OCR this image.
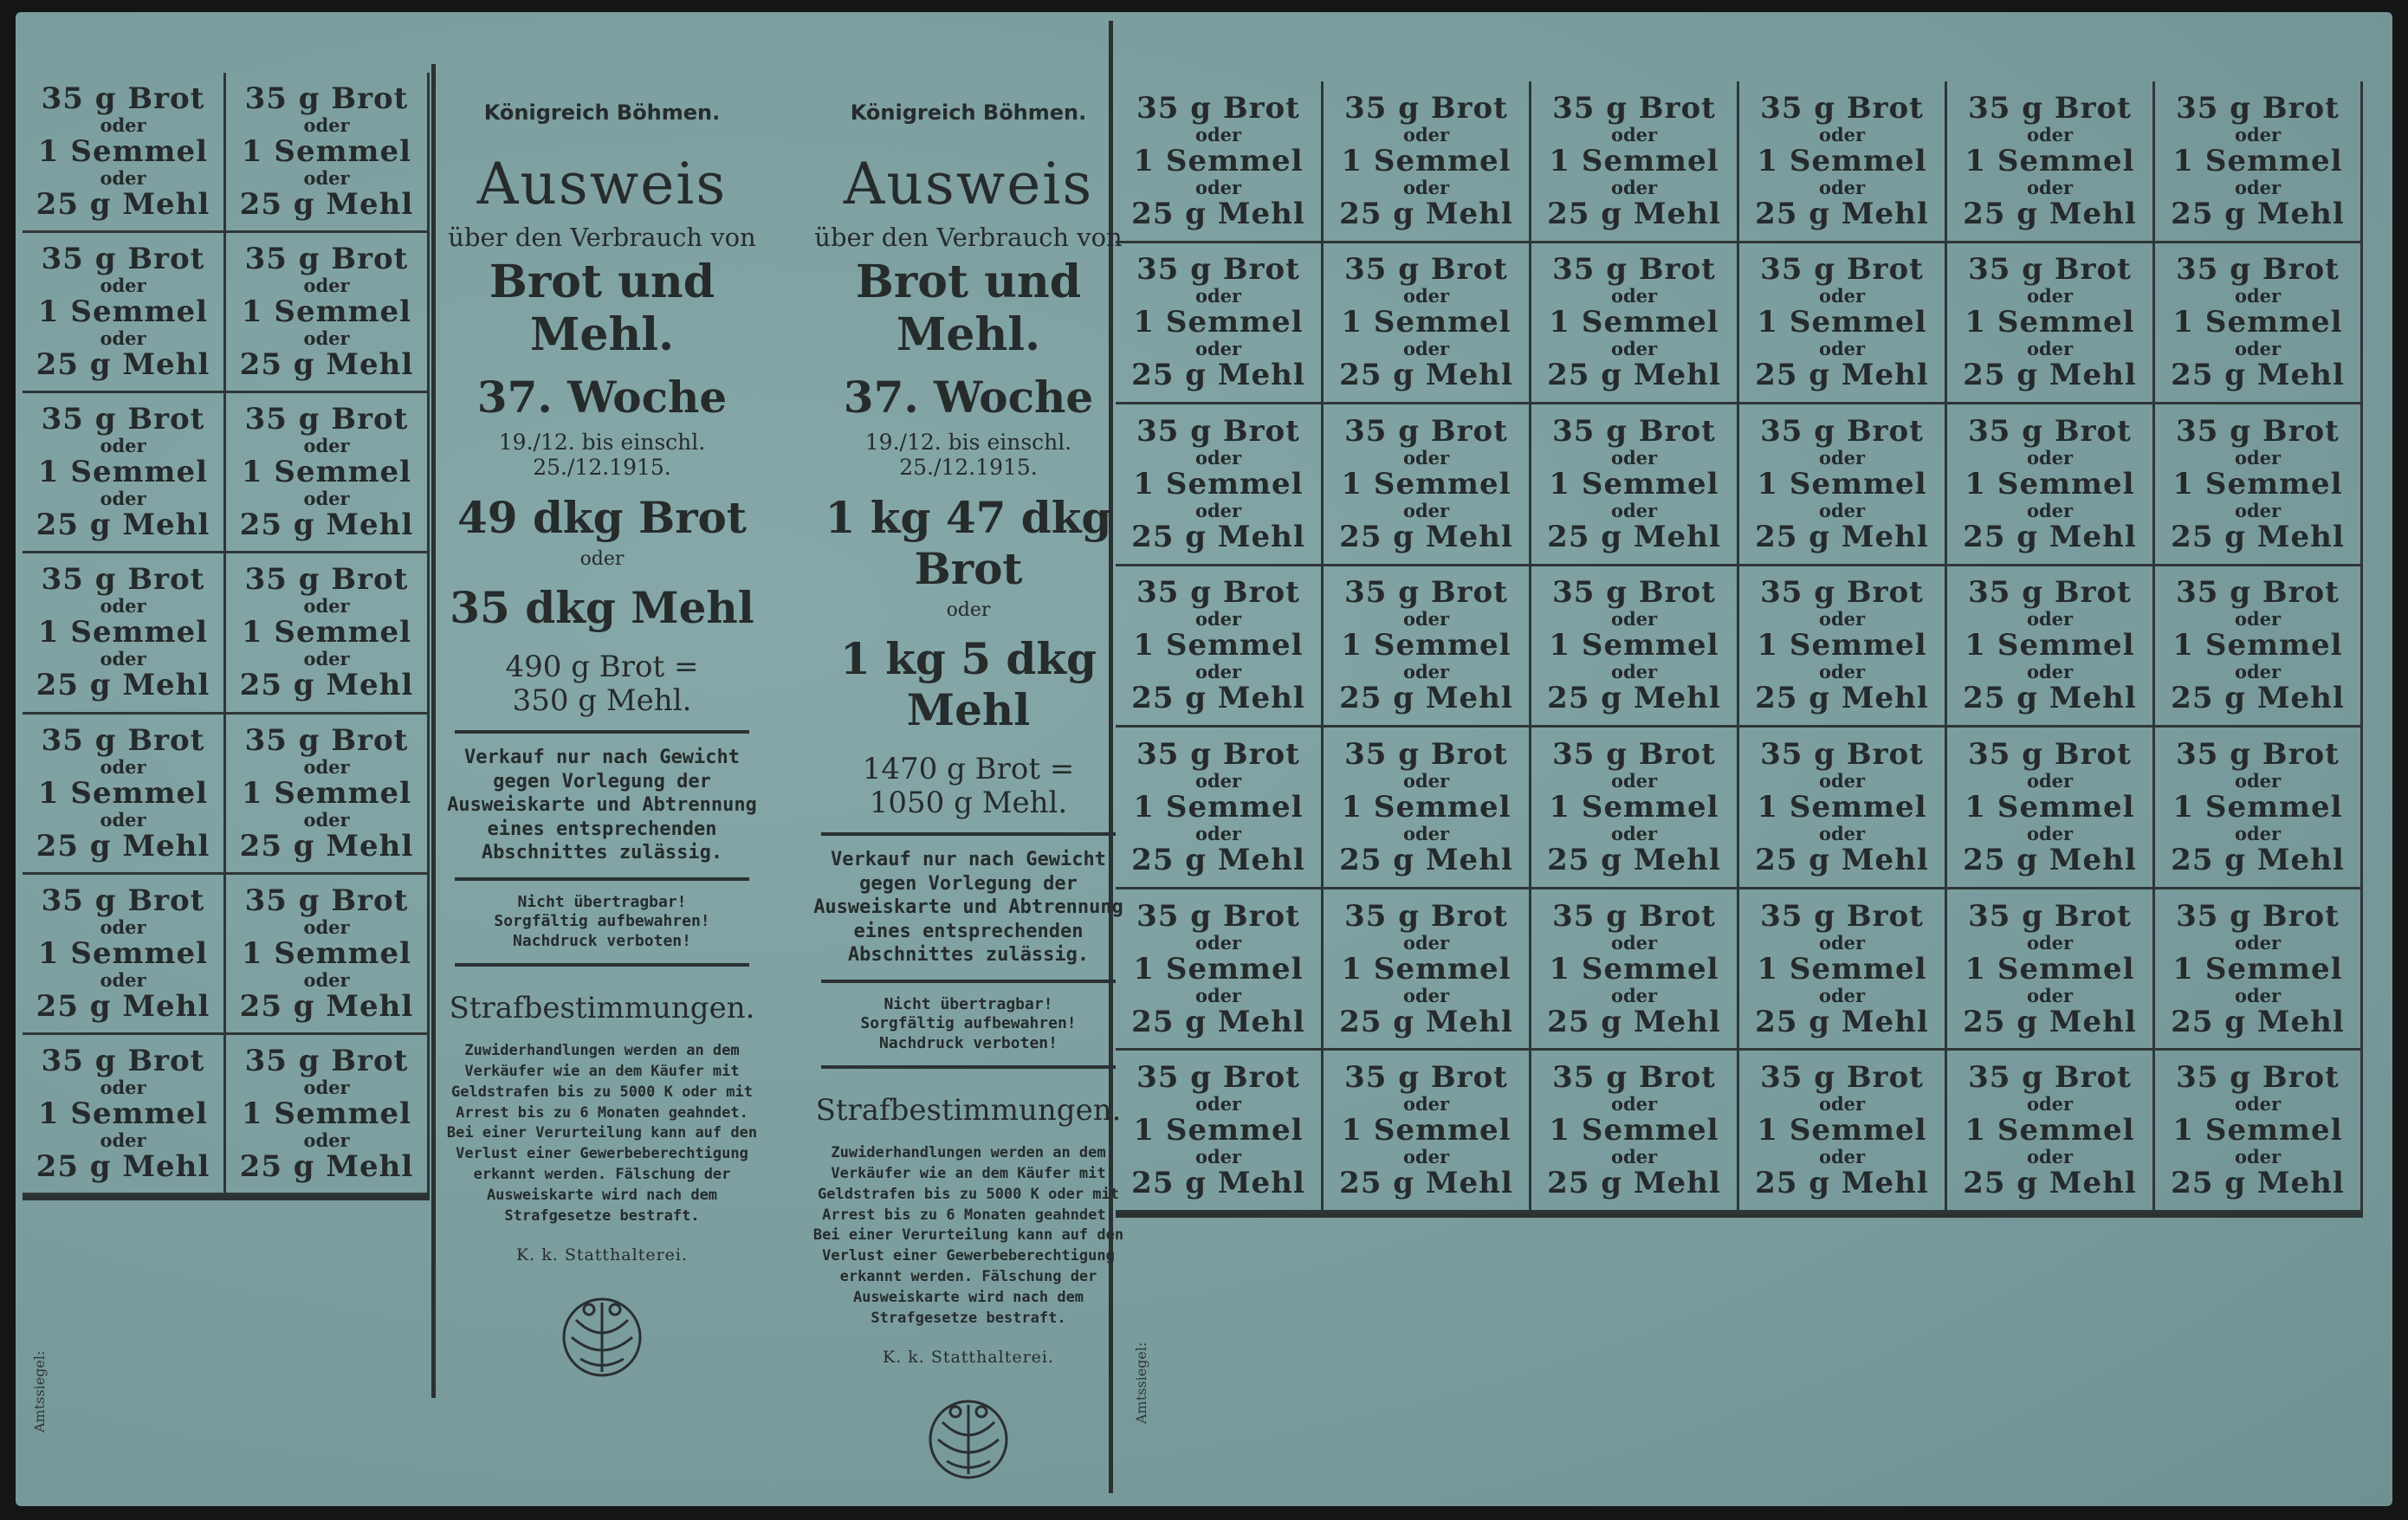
35 g Brot
oder
1 Semmel
oder
25 g Mehl
35 g Brot
oder
1 Semmel
oder
25 g Mehl
35 g Brot
oder
1 Semmel
oder
25 g Mehl
35 g Brot
oder
1 Semmel
oder
25 g Mehl
35 g Brot
oder
1 Semmel
oder
25 g Mehl
35 g Brot
oder
1 Semmel
oder
25 g Mehl
35 g Brot
oder
1 Semmel
oder
25 g Mehl
35 g Brot
oder
1 Semmel
oder
25 g Mehl
35 g Brot
oder
1 Semmel
oder
25 g Mehl
35 g Brot
oder
1 Semmel
oder
25 g Mehl
35 g Brot
oder
1 Semmel
oder
25 g Mehl
35 g Brot
oder
1 Semmel
oder
25 g Mehl
35 g Brot
oder
1 Semmel
oder
25 g Mehl
35 g Brot
oder
1 Semmel
oder
25 g Mehl
Königreich Böhmen.
Ausweis
über den Verbrauch von
Brot und Mehl.
37. Woche
19./12. bis einschl. 25./12.1915.
49 dkg Brot
oder
35 dkg Mehl
490 g Brot =
350 g Mehl.
Verkauf nur nach Gewicht gegen Vorlegung der Ausweiskarte und Abtrennung eines entsprechenden Abschnittes zulässig.
Nicht übertragbar!
Sorgfältig aufbewahren!
Nachdruck verboten!
Strafbestimmungen.
Zuwiderhandlungen werden an dem Verkäufer wie an dem Käufer mit Geldstrafen bis zu 5000 K oder mit Arrest bis zu 6 Monaten geahndet. Bei einer Verurteilung kann auf den Verlust einer Gewerbeberechtigung erkannt werden. Fälschung der Ausweiskarte wird nach dem Strafgesetze bestraft.
K. k. Statthalterei.
Königreich Böhmen.
Ausweis
über den Verbrauch von
Brot und Mehl.
37. Woche
19./12. bis einschl. 25./12.1915.
1 kg 47 dkg Brot
oder
1 kg 5 dkg Mehl
1470 g Brot =
1050 g Mehl.
Verkauf nur nach Gewicht gegen Vorlegung der Ausweiskarte und Abtrennung eines entsprechenden Abschnittes zulässig.
Nicht übertragbar!
Sorgfältig aufbewahren!
Nachdruck verboten!
Strafbestimmungen.
Zuwiderhandlungen werden an dem Verkäufer wie an dem Käufer mit Geldstrafen bis zu 5000 K oder mit Arrest bis zu 6 Monaten geahndet. Bei einer Verurteilung kann auf den Verlust einer Gewerbeberechtigung erkannt werden. Fälschung der Ausweiskarte wird nach dem Strafgesetze bestraft.
K. k. Statthalterei.
35 g Brot
oder
1 Semmel
oder
25 g Mehl
35 g Brot
oder
1 Semmel
oder
25 g Mehl
35 g Brot
oder
1 Semmel
oder
25 g Mehl
35 g Brot
oder
1 Semmel
oder
25 g Mehl
35 g Brot
oder
1 Semmel
oder
25 g Mehl
35 g Brot
oder
1 Semmel
oder
25 g Mehl
35 g Brot
oder
1 Semmel
oder
25 g Mehl
35 g Brot
oder
1 Semmel
oder
25 g Mehl
35 g Brot
oder
1 Semmel
oder
25 g Mehl
35 g Brot
oder
1 Semmel
oder
25 g Mehl
35 g Brot
oder
1 Semmel
oder
25 g Mehl
35 g Brot
oder
1 Semmel
oder
25 g Mehl
35 g Brot
oder
1 Semmel
oder
25 g Mehl
35 g Brot
oder
1 Semmel
oder
25 g Mehl
35 g Brot
oder
1 Semmel
oder
25 g Mehl
35 g Brot
oder
1 Semmel
oder
25 g Mehl
35 g Brot
oder
1 Semmel
oder
25 g Mehl
35 g Brot
oder
1 Semmel
oder
25 g Mehl
35 g Brot
oder
1 Semmel
oder
25 g Mehl
35 g Brot
oder
1 Semmel
oder
25 g Mehl
35 g Brot
oder
1 Semmel
oder
25 g Mehl
35 g Brot
oder
1 Semmel
oder
25 g Mehl
35 g Brot
oder
1 Semmel
oder
25 g Mehl
35 g Brot
oder
1 Semmel
oder
25 g Mehl
35 g Brot
oder
1 Semmel
oder
25 g Mehl
35 g Brot
oder
1 Semmel
oder
25 g Mehl
35 g Brot
oder
1 Semmel
oder
25 g Mehl
35 g Brot
oder
1 Semmel
oder
25 g Mehl
35 g Brot
oder
1 Semmel
oder
25 g Mehl
35 g Brot
oder
1 Semmel
oder
25 g Mehl
35 g Brot
oder
1 Semmel
oder
25 g Mehl
35 g Brot
oder
1 Semmel
oder
25 g Mehl
35 g Brot
oder
1 Semmel
oder
25 g Mehl
35 g Brot
oder
1 Semmel
oder
25 g Mehl
35 g Brot
oder
1 Semmel
oder
25 g Mehl
35 g Brot
oder
1 Semmel
oder
25 g Mehl
35 g Brot
oder
1 Semmel
oder
25 g Mehl
35 g Brot
oder
1 Semmel
oder
25 g Mehl
35 g Brot
oder
1 Semmel
oder
25 g Mehl
35 g Brot
oder
1 Semmel
oder
25 g Mehl
35 g Brot
oder
1 Semmel
oder
25 g Mehl
35 g Brot
oder
1 Semmel
oder
25 g Mehl
Amtssiegel:	Amtssiegel:
